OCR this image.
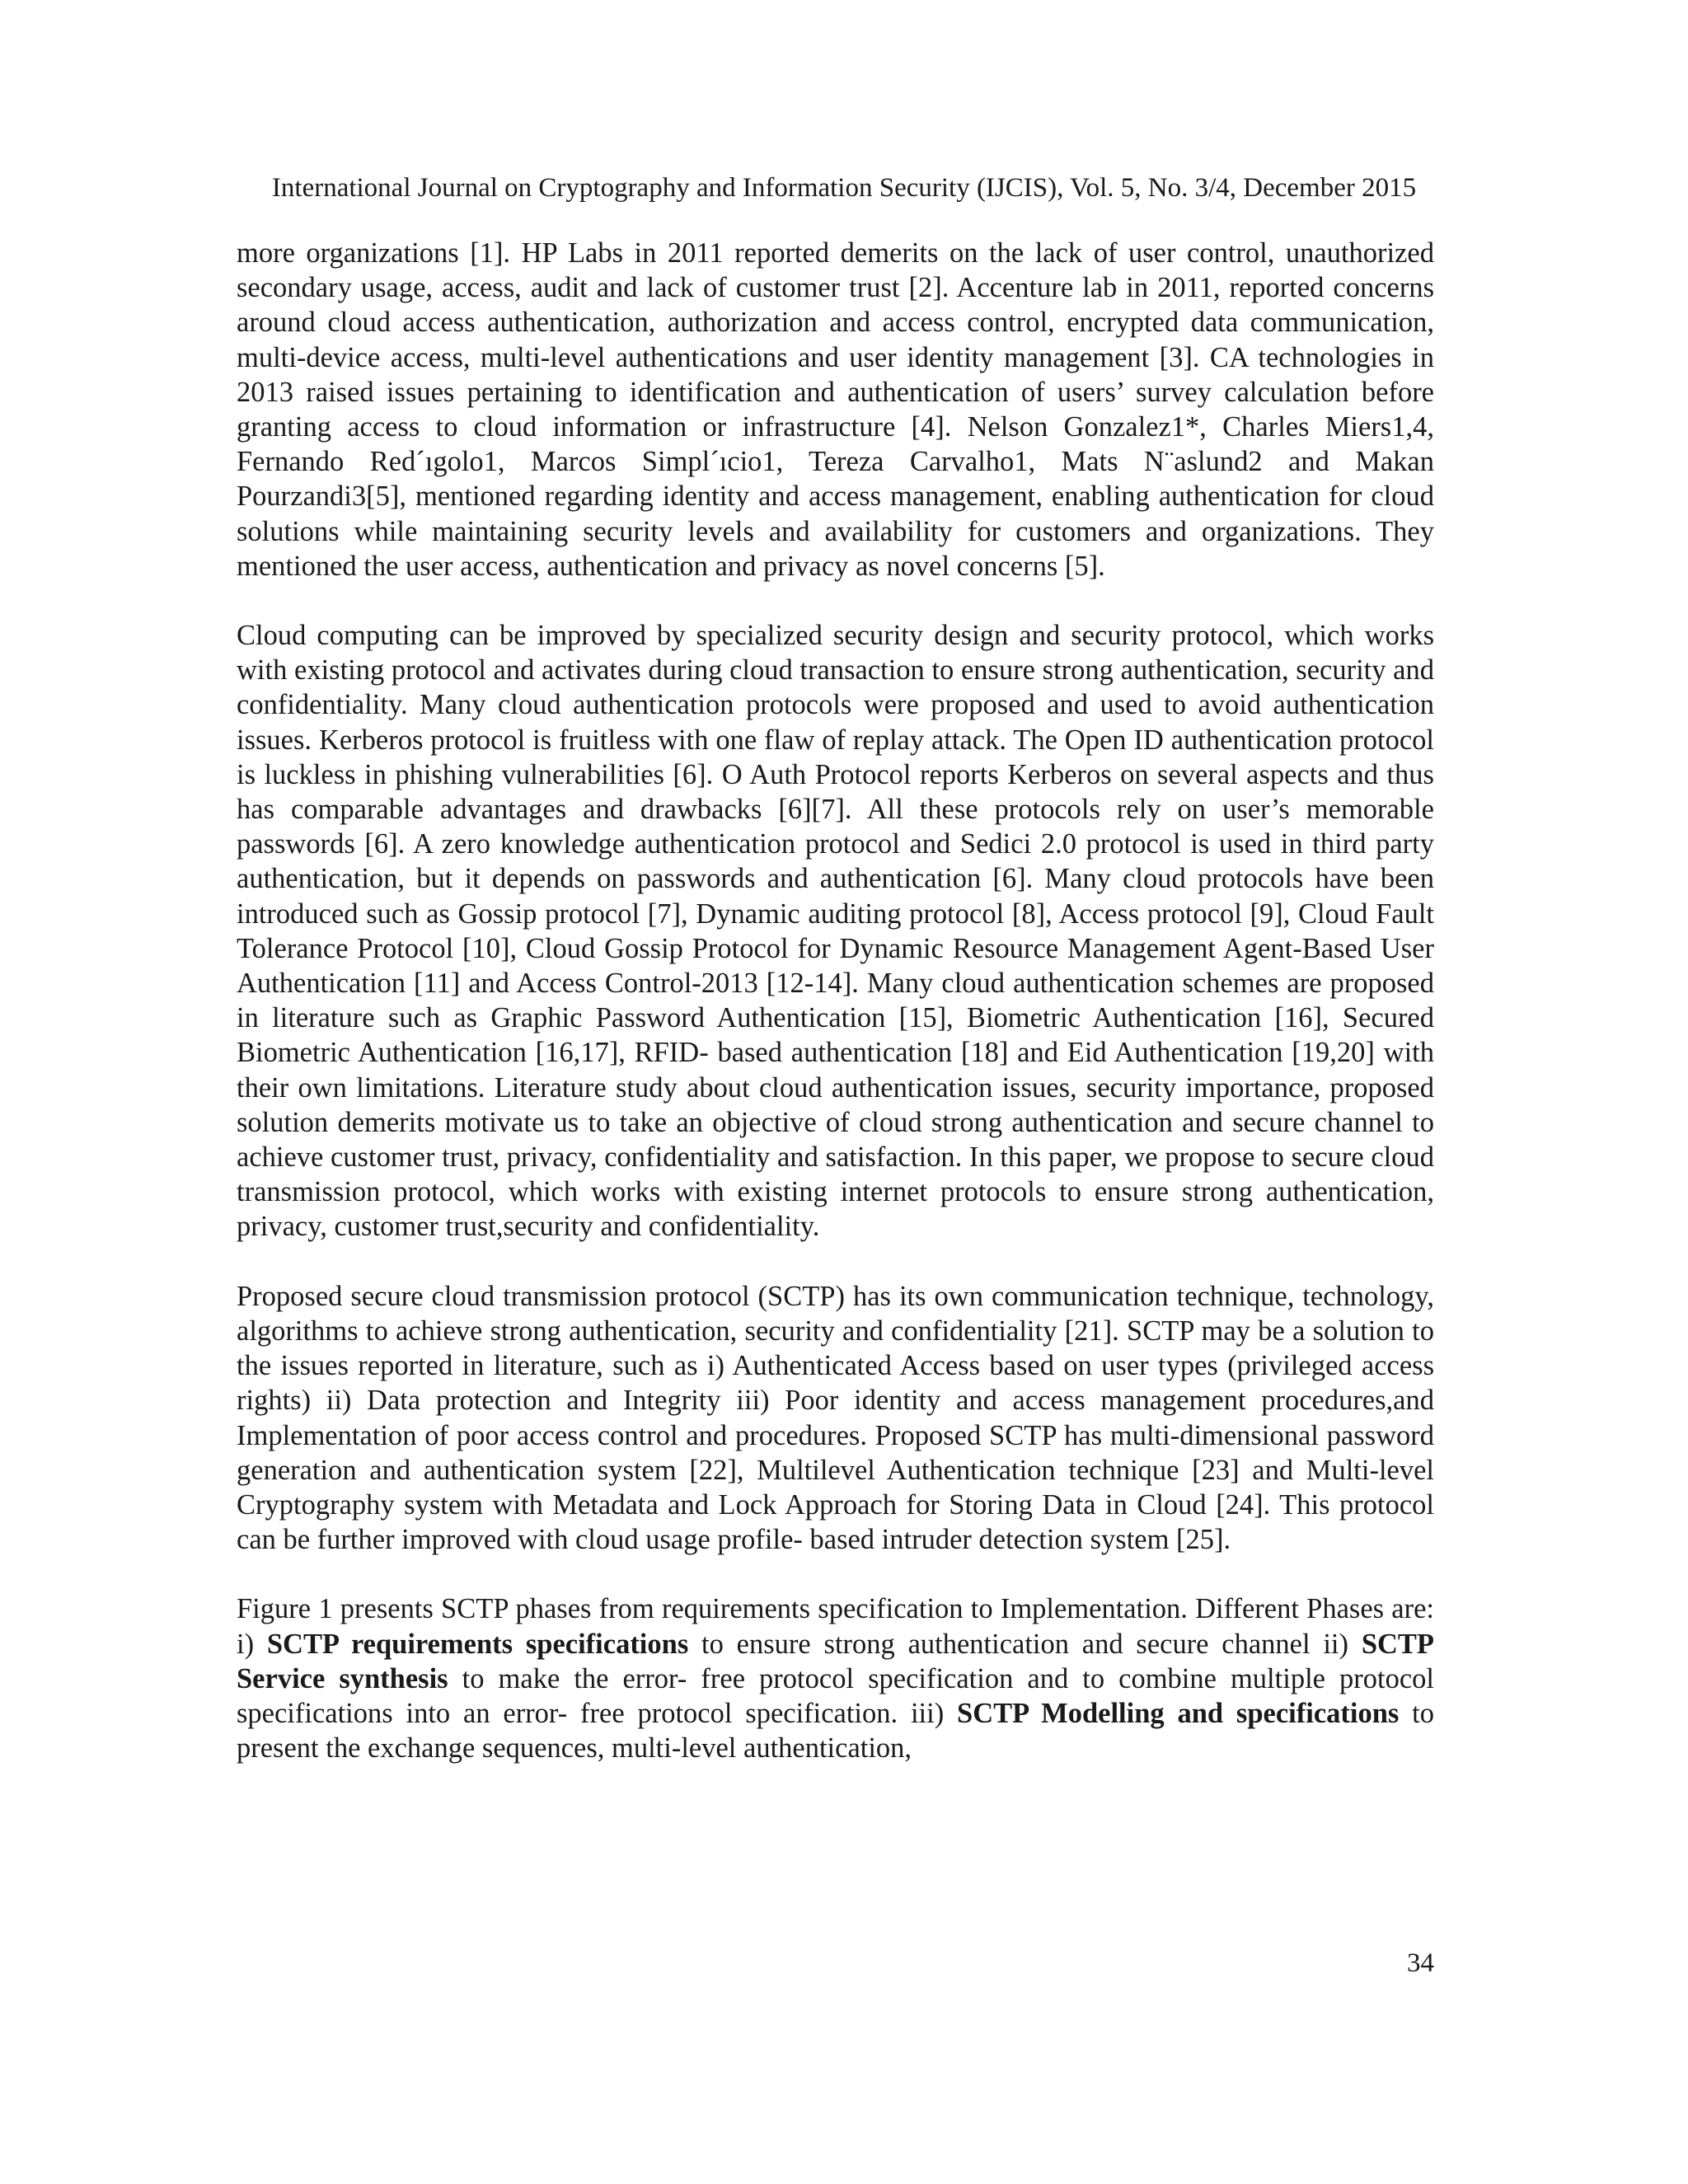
International Journal on Cryptography and Information Security (IJCIS), Vol. 5, No. 3/4, December 2015

more organizations [1]. HP Labs in 2011 reported demerits on the lack of user control, unauthorized secondary usage, access, audit and lack of customer trust [2]. Accenture lab in 2011, reported concerns around cloud access authentication, authorization and access control, encrypted data communication, multi-device access, multi-level authentications and user identity management [3]. CA technologies in 2013 raised issues pertaining to identification and authentication of users’ survey calculation before granting access to cloud information or infrastructure [4]. Nelson Gonzalez1*, Charles Miers1,4, Fernando Red´ıgolo1, Marcos Simpl´ıcio1, Tereza Carvalho1, Mats N¨aslund2 and Makan Pourzandi3[5], mentioned regarding identity and access management, enabling authentication for cloud solutions while maintaining security levels and availability for customers and organizations. They mentioned the user access, authentication and privacy as novel concerns [5].

Cloud computing can be improved by specialized security design and security protocol, which works with existing protocol and activates during cloud transaction to ensure strong authentication, security and confidentiality. Many cloud authentication protocols were proposed and used to avoid authentication issues. Kerberos protocol is fruitless with one flaw of replay attack. The Open ID authentication protocol is luckless in phishing vulnerabilities [6]. O Auth Protocol reports Kerberos on several aspects and thus has comparable advantages and drawbacks [6][7]. All these protocols rely on user’s memorable passwords [6]. A zero knowledge authentication protocol and Sedici 2.0 protocol is used in third party authentication, but it depends on passwords and authentication [6]. Many cloud protocols have been introduced such as Gossip protocol [7], Dynamic auditing protocol [8], Access protocol [9], Cloud Fault Tolerance Protocol [10], Cloud Gossip Protocol for Dynamic Resource Management Agent-Based User Authentication [11] and Access Control-2013 [12-14]. Many cloud authentication schemes are proposed in literature such as Graphic Password Authentication [15], Biometric Authentication [16], Secured Biometric Authentication [16,17], RFID- based authentication [18] and Eid Authentication [19,20] with their own limitations. Literature study about cloud authentication issues, security importance, proposed solution demerits motivate us to take an objective of cloud strong authentication and secure channel to achieve customer trust, privacy, confidentiality and satisfaction. In this paper, we propose to secure cloud transmission protocol, which works with existing internet protocols to ensure strong authentication, privacy, customer trust,security and confidentiality.

Proposed secure cloud transmission protocol (SCTP) has its own communication technique, technology, algorithms to achieve strong authentication, security and confidentiality [21]. SCTP may be a solution to the issues reported in literature, such as i) Authenticated Access based on user types (privileged access rights) ii) Data protection and Integrity iii) Poor identity and access management procedures,and Implementation of poor access control and procedures. Proposed SCTP has multi-dimensional password generation and authentication system [22], Multilevel Authentication technique [23] and Multi-level Cryptography system with Metadata and Lock Approach for Storing Data in Cloud [24]. This protocol can be further improved with cloud usage profile- based intruder detection system [25].

Figure 1 presents SCTP phases from requirements specification to Implementation. Different Phases are: i) SCTP requirements specifications to ensure strong authentication and secure channel ii) SCTP Service synthesis to make the error- free protocol specification and to combine multiple protocol specifications into an error- free protocol specification. iii) SCTP Modelling and specifications to present the exchange sequences, multi-level authentication,

34
